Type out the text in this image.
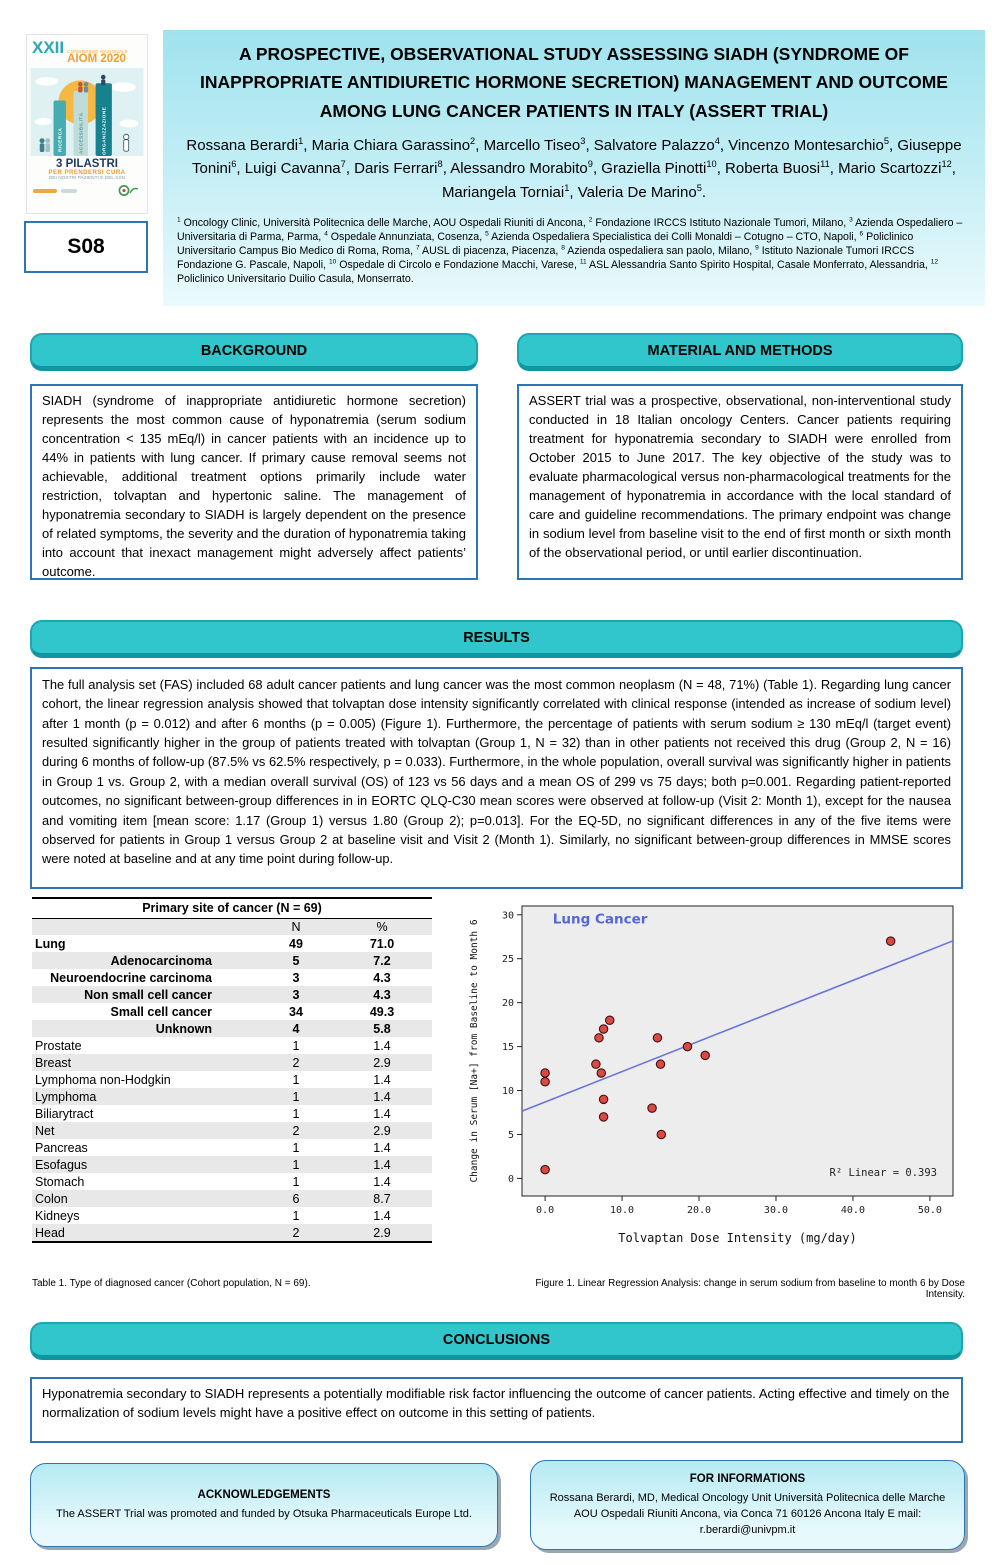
XXII CONGRESSO NAZIONALE
AIOM 2020
RICERCA	ACCESSIBILITÀ	ORGANIZZAZIONE
3 PILASTRI
PER PRENDERSI CURA
DEI NOSTRI PAZIENTI E DEL SSN
S08
A PROSPECTIVE, OBSERVATIONAL STUDY ASSESSING SIADH (SYNDROME OF INAPPROPRIATE ANTIDIURETIC HORMONE SECRETION) MANAGEMENT AND OUTCOME AMONG LUNG CANCER PATIENTS IN ITALY (ASSERT TRIAL)

Rossana Berardi$^1$, Maria Chiara Garassino$^2$, Marcello Tiseo$^3$, Salvatore Palazzo$^4$, Vincenzo Montesarchio$^5$, Giuseppe Tonini$^6$, Luigi Cavanna$^7$, Daris Ferrari$^8$, Alessandro Morabito$^9$, Graziella Pinotti$^{10}$, Roberta Buosi$^{11}$, Mario Scartozzi$^{12}$, Mariangela Torniai$^1$, Valeria De Marino$^5$.

$^1$ Oncology Clinic, Università Politecnica delle Marche, AOU Ospedali Riuniti di Ancona, $^2$ Fondazione IRCCS Istituto Nazionale Tumori, Milano, $^3$ Azienda Ospedaliero – Universitaria di Parma, Parma, $^4$ Ospedale Annunziata, Cosenza, $^5$ Azienda Ospedaliera Specialistica dei Colli Monaldi – Cotugno – CTO, Napoli, $^6$ Policlinico Universitario Campus Bio Medico di Roma, Roma, $^7$ AUSL di piacenza, Piacenza, $^8$ Azienda ospedaliera san paolo, Milano, $^9$ Istituto Nazionale Tumori IRCCS Fondazione G. Pascale, Napoli, $^{10}$ Ospedale di Circolo e Fondazione Macchi, Varese, $^{11}$ ASL Alessandria Santo Spirito Hospital, Casale Monferrato, Alessandria, $^{12}$ Policlinico Universitario Duilio Casula, Monserrato.

BACKGROUND
SIADH (syndrome of inappropriate antidiuretic hormone secretion) represents the most common cause of hyponatremia (serum sodium concentration < 135 mEq/l) in cancer patients with an incidence up to 44% in patients with lung cancer. If primary cause removal seems not achievable, additional treatment options primarily include water restriction, tolvaptan and hypertonic saline. The management of hyponatremia secondary to SIADH is largely dependent on the presence of related symptoms, the severity and the duration of hyponatremia taking into account that inexact management might adversely affect patients’ outcome.
MATERIAL AND METHODS
ASSERT trial was a prospective, observational, non-interventional study conducted in 18 Italian oncology Centers. Cancer patients requiring treatment for hyponatremia secondary to SIADH were enrolled from October 2015 to June 2017. The key objective of the study was to evaluate pharmacological versus non-pharmacological treatments for the management of hyponatremia in accordance with the local standard of care and guideline recommendations. The primary endpoint was change in sodium level from baseline visit to the end of first month or sixth month of the observational period, or until earlier discontinuation.
RESULTS
The full analysis set (FAS) included 68 adult cancer patients and lung cancer was the most common neoplasm (N = 48, 71%) (Table 1). Regarding lung cancer cohort, the linear regression analysis showed that tolvaptan dose intensity significantly correlated with clinical response (intended as increase of sodium level) after 1 month (p = 0.012) and after 6 months (p = 0.005) (Figure 1). Furthermore, the percentage of patients with serum sodium ≥ 130 mEq/l (target event) resulted significantly higher in the group of patients treated with tolvaptan (Group 1, N = 32) than in other patients not received this drug (Group 2, N = 16) during 6 months of follow-up (87.5% vs 62.5% respectively, p = 0.033). Furthermore, in the whole population, overall survival was significantly higher in patients in Group 1 vs. Group 2, with a median overall survival (OS) of 123 vs 56 days and a mean OS of 299 vs 75 days; both p=0.001. Regarding patient-reported outcomes, no significant between-group differences in in EORTC QLQ-C30 mean scores were observed at follow-up (Visit 2: Month 1), except for the nausea and vomiting item [mean score: 1.17 (Group 1) versus 1.80 (Group 2); p=0.013]. For the EQ-5D, no significant differences in any of the five items were observed for patients in Group 1 versus Group 2 at baseline visit and Visit 2 (Month 1). Similarly, no significant between-group differences in MMSE scores were noted at baseline and at any time point during follow-up.
Primary site of cancer (N = 69)
N	%
Lung	49	71.0
Adenocarcinoma	5	7.2
Neuroendocrine carcinoma	3	4.3
Non small cell cancer	3	4.3
Small cell cancer	34	49.3
Unknown	4	5.8
Prostate	1	1.4
Breast	2	2.9
Lymphoma non-Hodgkin	1	1.4
Lymphoma	1	1.4
Biliarytract	1	1.4
Net	2	2.9
Pancreas	1	1.4
Esofagus	1	1.4
Stomach	1	1.4
Colon	6	8.7
Kidneys	1	1.4
Head	2	2.9
Table 1. Type of diagnosed cancer (Cohort population, N = 69).
0.0	10.0	20.0	30.0	40.0	50.0
0
5
10
15
20
25
30	Lung Cancer
R² Linear = 0.393
Tolvaptan Dose Intensity (mg/day)
Change in Serum [Na+] from Baseline to Month 6
Figure 1. Linear Regression Analysis: change in serum sodium from baseline to month 6 by Dose Intensity.
CONCLUSIONS
Hyponatremia secondary to SIADH represents a potentially modifiable risk factor influencing the outcome of cancer patients. Acting effective and timely on the normalization of sodium levels might have a positive effect on outcome in this setting of patients.
ACKNOWLEDGEMENTS
The ASSERT Trial was promoted and funded by Otsuka Pharmaceuticals Europe Ltd.
FOR INFORMATIONS
Rossana Berardi, MD, Medical Oncology Unit Università Politecnica delle Marche
AOU Ospedali Riuniti Ancona, via Conca 71 60126 Ancona Italy E mail:
r.berardi@univpm.it
